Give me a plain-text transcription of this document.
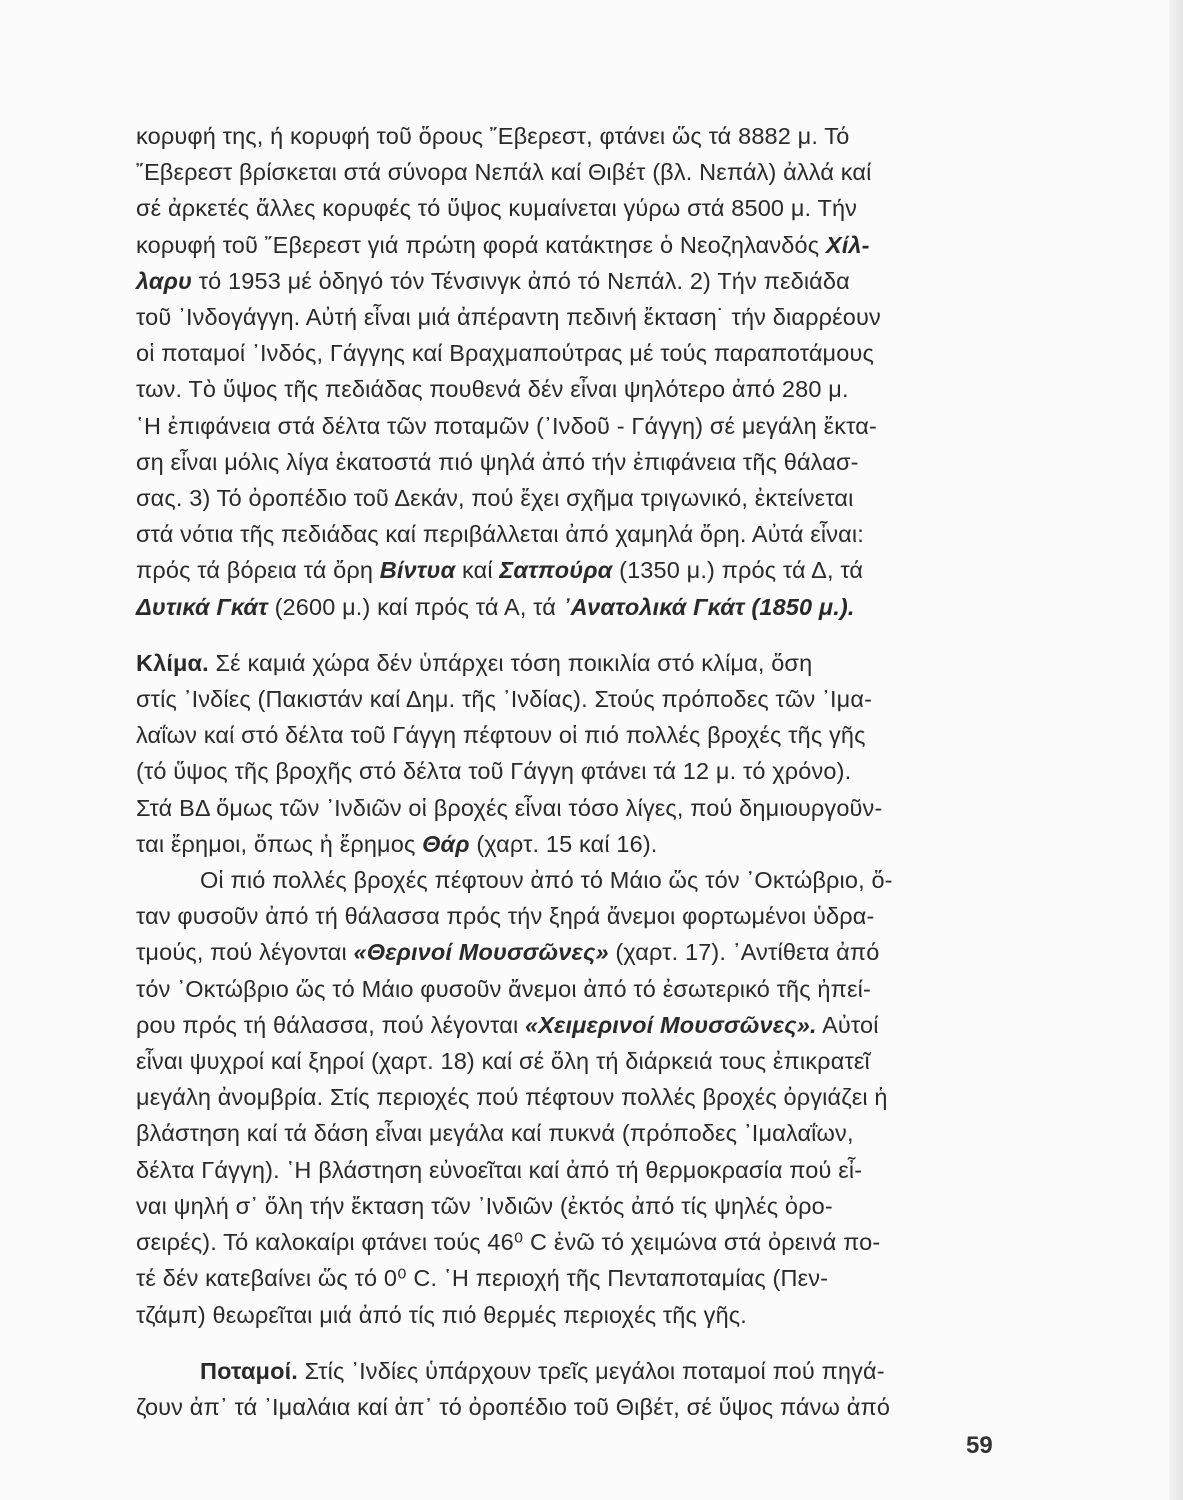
κορυφή της, ή κορυφή τοῦ ὅρους ῎Εβερεστ, φτάνει ὥς τά 8882 μ. Τό
῎Εβερεστ βρίσκεται στά σύνορα Νεπάλ καί Θιβέτ (βλ. Νεπάλ) ἀλλά καί
σέ ἀρκετές ἄλλες κορυφές τό ὕψος κυμαίνεται γύρω στά 8500 μ. Τήν
κορυφή τοῦ ῎Εβερεστ γιά πρώτη φορά κατάκτησε ὁ Νεοζηλανδός Χίλ-
λαρυ τό 1953 μέ ὁδηγό τόν Τένσινγκ ἀπό τό Νεπάλ. 2) Τήν πεδιάδα
τοῦ ᾽Ινδογάγγη. Αὐτή εἶναι μιά ἀπέραντη πεδινή ἔκταση˙ τήν διαρρέουν
οἱ ποταμοί ᾽Ινδός, Γάγγης καί Βραχμαπούτρας μέ τούς παραποτάμους
των. Τὸ ὕψος τῆς πεδιάδας πουθενά δέν εἶναι ψηλότερο ἀπό 280 μ.
῾Η ἐπιφάνεια στά δέλτα τῶν ποταμῶν (᾽Ινδοῦ - Γάγγη) σέ μεγάλη ἔκτα-
ση εἶναι μόλις λίγα ἑκατοστά πιό ψηλά ἀπό τήν ἐπιφάνεια τῆς θάλασ-
σας. 3) Τό ὀροπέδιο τοῦ Δεκάν, πού ἔχει σχῆμα τριγωνικό, ἐκτείνεται
στά νότια τῆς πεδιάδας καί περιβάλλεται ἀπό χαμηλά ὄρη. Αὐτά εἶναι:
πρός τά βόρεια τά ὄρη Βίντυα καί Σατπούρα (1350 μ.) πρός τά Δ, τά
Δυτικά Γκάτ (2600 μ.) καί πρός τά Α, τά ᾽Ανατολικά Γκάτ (1850 μ.).

Κλίμα. Σέ καμιά χώρα δέν ὑπάρχει τόση ποικιλία στό κλίμα, ὅση
στίς ᾽Ινδίες (Πακιστάν καί Δημ. τῆς ᾽Ινδίας). Στούς πρόποδες τῶν ᾽Ιμα-
λαΐων καί στό δέλτα τοῦ Γάγγη πέφτουν οἱ πιό πολλές βροχές τῆς γῆς
(τό ὕψος τῆς βροχῆς στό δέλτα τοῦ Γάγγη φτάνει τά 12 μ. τό χρόνο).
Στά ΒΔ ὅμως τῶν ᾽Ινδιῶν οἱ βροχές εἶναι τόσο λίγες, πού δημιουργοῦν-
ται ἔρημοι, ὅπως ἡ ἔρημος Θάρ (χαρτ. 15 καί 16).

Οἱ πιό πολλές βροχές πέφτουν ἀπό τό Μάιο ὥς τόν ᾽Οκτώβριο, ὅ-
ταν φυσοῦν ἀπό τή θάλασσα πρός τήν ξηρά ἄνεμοι φορτωμένοι ὑδρα-
τμούς, πού λέγονται «Θερινοί Μουσσῶνες» (χαρτ. 17). ᾽Αντίθετα ἀπό
τόν ᾽Οκτώβριο ὥς τό Μάιο φυσοῦν ἄνεμοι ἀπό τό ἐσωτερικό τῆς ἠπεί-
ρου πρός τή θάλασσα, πού λέγονται «Χειμερινοί Μουσσῶνες». Αὐτοί
εἶναι ψυχροί καί ξηροί (χαρτ. 18) καί σέ ὅλη τή διάρκειά τους ἐπικρατεῖ
μεγάλη ἀνομβρία. Στίς περιοχές πού πέφτουν πολλές βροχές ὀργιάζει ἡ
βλάστηση καί τά δάση εἶναι μεγάλα καί πυκνά (πρόποδες ᾽Ιμαλαΐων,
δέλτα Γάγγη). ῾Η βλάστηση εὐνοεῖται καί ἀπό τή θερμοκρασία πού εἶ-
ναι ψηλή σ᾽ ὅλη τήν ἔκταση τῶν ᾽Ινδιῶν (ἐκτός ἀπό τίς ψηλές ὀρο-
σειρές). Τό καλοκαίρι φτάνει τούς 46⁰ C ἐνῶ τό χειμώνα στά ὀρεινά πο-
τέ δέν κατεβαίνει ὥς τό 0⁰ C. ῾Η περιοχή τῆς Πενταποταμίας (Πεν-
τζάμπ) θεωρεῖται μιά ἀπό τίς πιό θερμές περιοχές τῆς γῆς.

Ποταμοί. Στίς ᾽Ινδίες ὑπάρχουν τρεῖς μεγάλοι ποταμοί πού πηγά-
ζουν ἀπ᾽ τά ᾽Ιμαλάια καί ἀπ᾽ τό ὀροπέδιο τοῦ Θιβέτ, σέ ὕψος πάνω ἀπό

59
